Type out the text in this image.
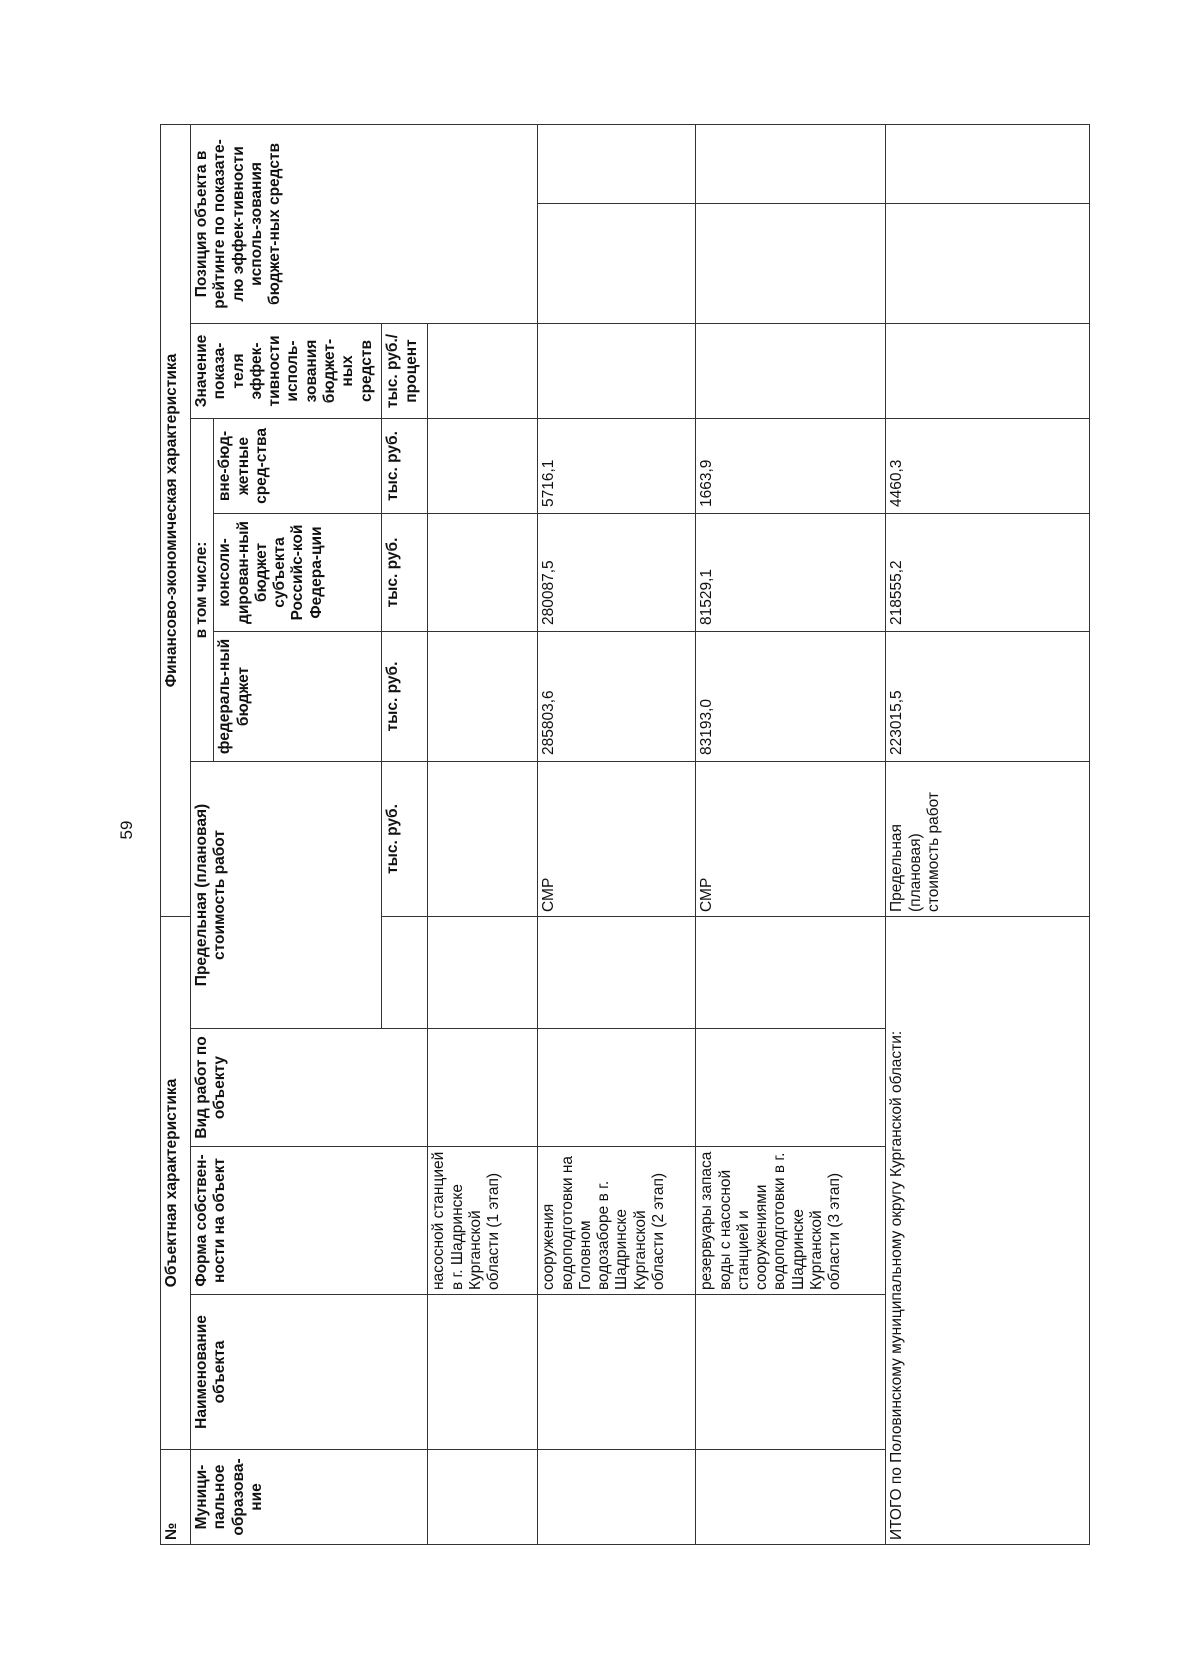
59
№	Объектная характеристика				Финансово-экономическая характеристика							
Муници-пальное образова-ние	Наименование объекта	Форма собствен-ности на объект	Вид работ по объекту	Предельная (плановая) стоимость работ		в том числе:			Значение показа-теля эффек-тивности исполь-зования бюджет-ных средств	Позиция объекта в рейтинге по показате-лю эффек-тивности исполь-зования бюджет-ных средств		
						федераль-ный бюджет	консоли-дирован-ный бюджет субъекта Российс-кой Федера-ции	вне-бюд-жетные сред-ства				
					тыс. руб.	тыс. руб.	тыс. руб.	тыс. руб.	тыс. руб./ процент			
		насосной станцией в г. Шадринске Курганской области (1 этап)										
		сооружения водоподготовки на Головном водозаборе в г. Шадринске Курганской области (2 этап)			СМР	285803,6	280087,5	5716,1				
		резервуары запаса воды с насосной станцией и сооружениями водоподготовки в г. Шадринске Курганской области (3 этап)			СМР	83193,0	81529,1	1663,9				
ИТОГО по Половинскому муниципальному округу Курганской области:					Предельная (плановая) стоимость работ	223015,5	218555,2	4460,3				
